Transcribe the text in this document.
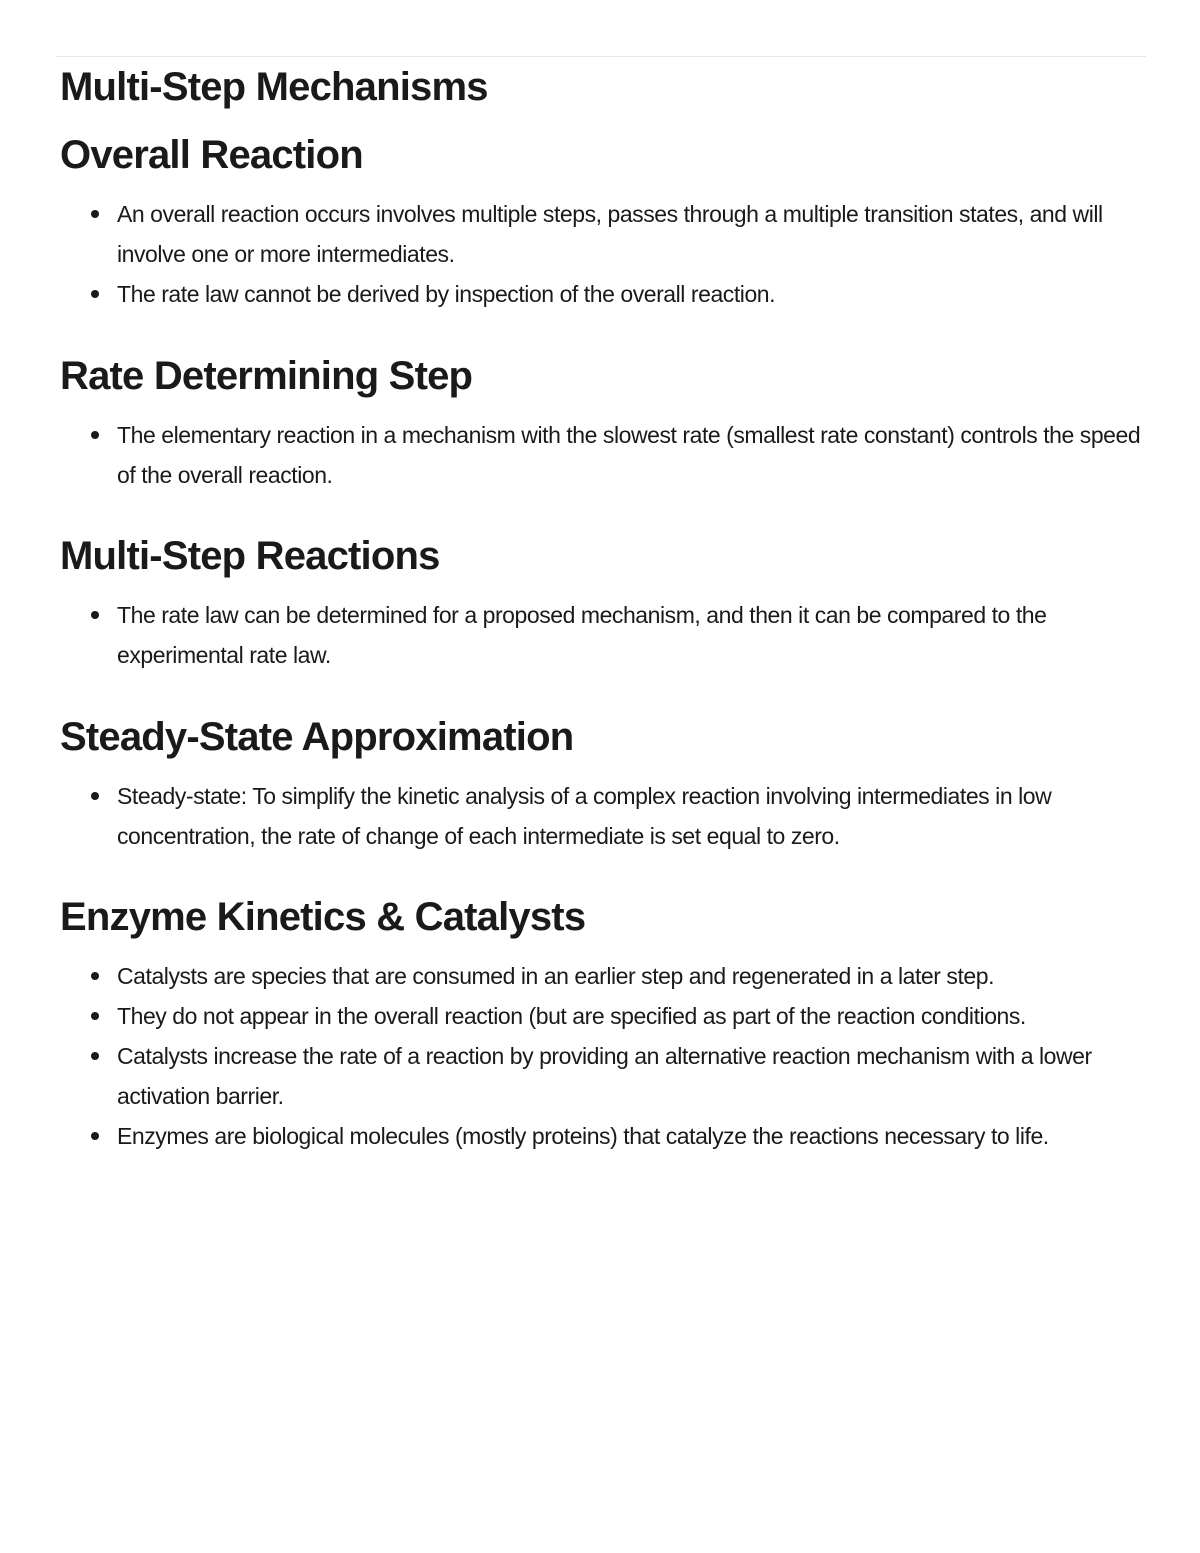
Multi-Step Mechanisms
Overall Reaction
An overall reaction occurs involves multiple steps, passes through a multiple transition states, and will involve one or more intermediates.
The rate law cannot be derived by inspection of the overall reaction.
Rate Determining Step
The elementary reaction in a mechanism with the slowest rate (smallest rate constant) controls the speed of the overall reaction.
Multi-Step Reactions
The rate law can be determined for a proposed mechanism, and then it can be compared to the experimental rate law.
Steady-State Approximation
Steady-state: To simplify the kinetic analysis of a complex reaction involving intermediates in low concentration, the rate of change of each intermediate is set equal to zero.
Enzyme Kinetics & Catalysts
Catalysts are species that are consumed in an earlier step and regenerated in a later step.
They do not appear in the overall reaction (but are specified as part of the reaction conditions.
Catalysts increase the rate of a reaction by providing an alternative reaction mechanism with a lower activation barrier.
Enzymes are biological molecules (mostly proteins) that catalyze the reactions necessary to life.
